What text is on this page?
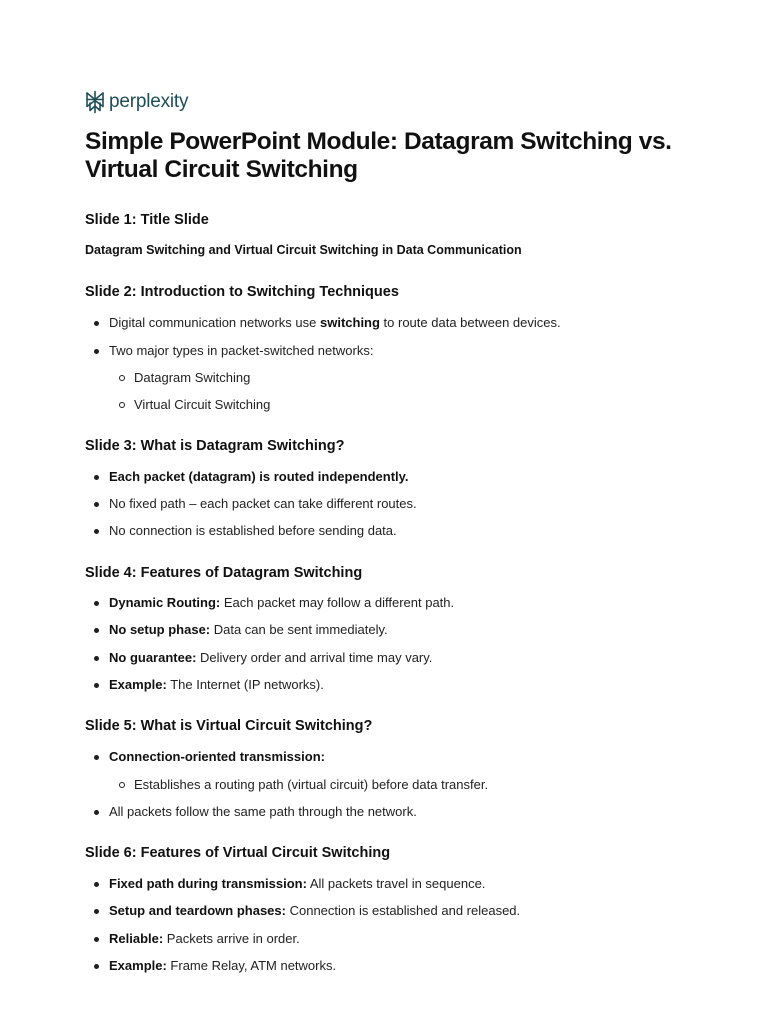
perplexity
Simple PowerPoint Module: Datagram Switching vs. Virtual Circuit Switching
Slide 1: Title Slide

Datagram Switching and Virtual Circuit Switching in Data Communication

Slide 2: Introduction to Switching Techniques
Digital communication networks use switching to route data between devices.
Two major types in packet-switched networks:
Datagram Switching
Virtual Circuit Switching
Slide 3: What is Datagram Switching?
Each packet (datagram) is routed independently.
No fixed path – each packet can take different routes.
No connection is established before sending data.
Slide 4: Features of Datagram Switching
Dynamic Routing: Each packet may follow a different path.
No setup phase: Data can be sent immediately.
No guarantee: Delivery order and arrival time may vary.
Example: The Internet (IP networks).
Slide 5: What is Virtual Circuit Switching?
Connection-oriented transmission:
Establishes a routing path (virtual circuit) before data transfer.
All packets follow the same path through the network.
Slide 6: Features of Virtual Circuit Switching
Fixed path during transmission: All packets travel in sequence.
Setup and teardown phases: Connection is established and released.
Reliable: Packets arrive in order.
Example: Frame Relay, ATM networks.
